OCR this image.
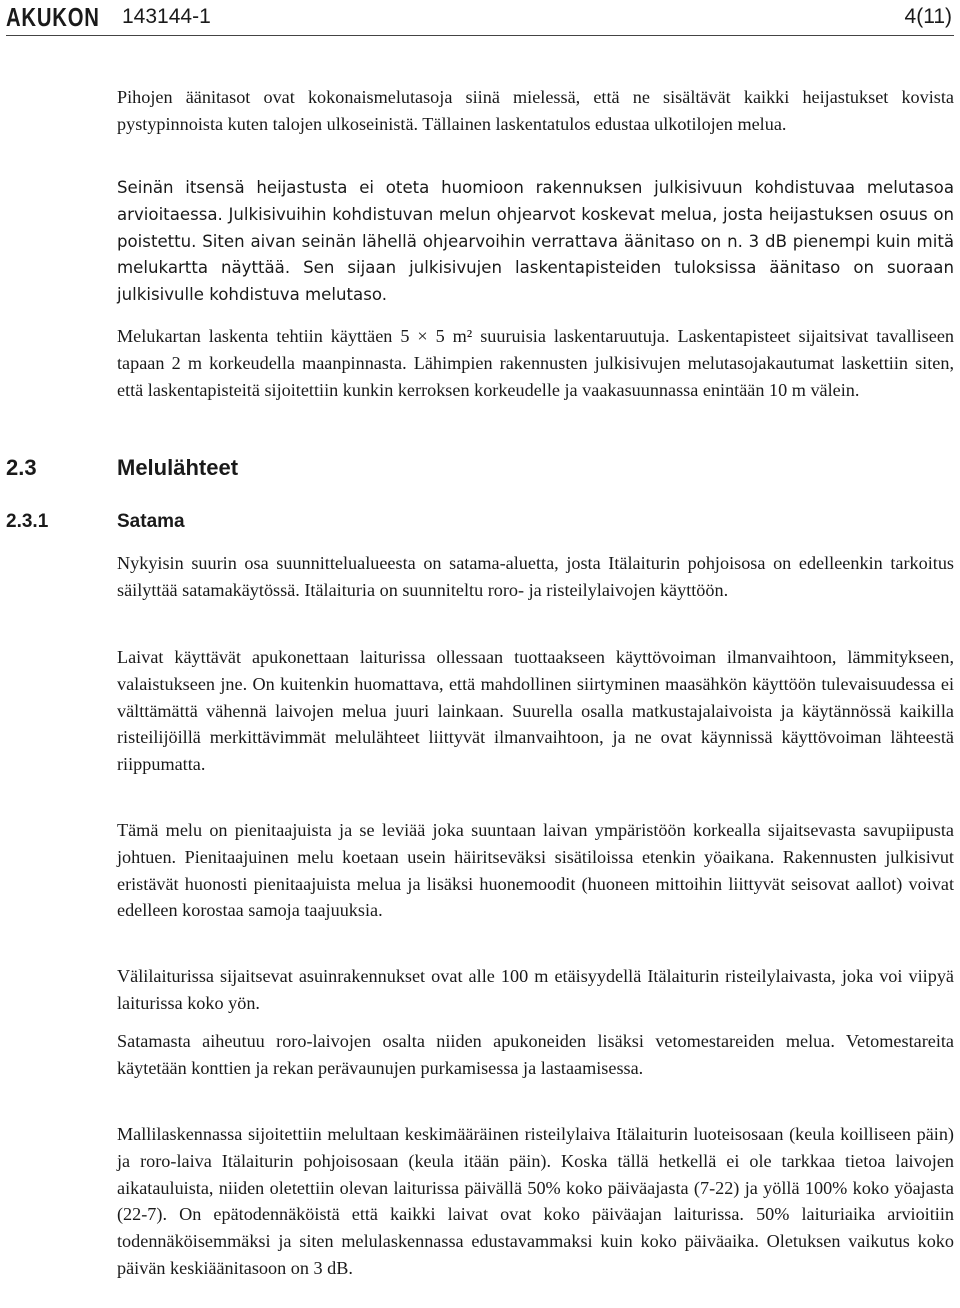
AKUKON 143144-1	4(11)

Pihojen äänitasot ovat kokonaismelutasoja siinä mielessä, että ne sisältävät kaikki heijastukset kovista pystypinnoista kuten talojen ulkoseinistä. Tällainen laskentatulos edustaa ulkotilojen melua.

Seinän itsensä heijastusta ei oteta huomioon rakennuksen julkisivuun kohdistuvaa melutasoa arvioitaessa. Julkisivuihin kohdistuvan melun ohjearvot koskevat melua, josta heijastuksen osuus on poistettu. Siten aivan seinän lähellä ohjearvoihin verrattava äänitaso on n. 3 dB pienempi kuin mitä melukartta näyttää. Sen sijaan julkisivujen laskentapisteiden tuloksissa äänitaso on suoraan julkisivulle kohdistuva melutaso.

Melukartan laskenta tehtiin käyttäen 5 × 5 m² suuruisia laskentaruutuja. Laskentapisteet sijaitsivat tavalliseen tapaan 2 m korkeudella maanpinnasta. Lähimpien rakennusten julkisivujen melutasojakautumat laskettiin siten, että laskentapisteitä sijoitettiin kunkin kerroksen korkeudelle ja vaakasuunnassa enintään 10 m välein.

2.3	Melulähteet
2.3.1	Satama

Nykyisin suurin osa suunnittelualueesta on satama-aluetta, josta Itälaiturin pohjoisosa on edelleenkin tarkoitus säilyttää satamakäytössä. Itälaituria on suunniteltu roro- ja risteilylaivojen käyttöön.

Laivat käyttävät apukonettaan laiturissa ollessaan tuottaakseen käyttövoiman ilmanvaihtoon, lämmitykseen, valaistukseen jne. On kuitenkin huomattava, että mahdollinen siirtyminen maasähkön käyttöön tulevaisuudessa ei välttämättä vähennä laivojen melua juuri lainkaan. Suurella osalla matkustajalaivoista ja käytännössä kaikilla risteilijöillä merkittävimmät melulähteet liittyvät ilmanvaihtoon, ja ne ovat käynnissä käyttövoiman lähteestä riippumatta.

Tämä melu on pienitaajuista ja se leviää joka suuntaan laivan ympäristöön korkealla sijaitsevasta savupiipusta johtuen. Pienitaajuinen melu koetaan usein häiritseväksi sisätiloissa etenkin yöaikana. Rakennusten julkisivut eristävät huonosti pienitaajuista melua ja lisäksi huonemoodit (huoneen mittoihin liittyvät seisovat aallot) voivat edelleen korostaa samoja taajuuksia.

Välilaiturissa sijaitsevat asuinrakennukset ovat alle 100 m etäisyydellä Itälaiturin risteilylaivasta, joka voi viipyä laiturissa koko yön.

Satamasta aiheutuu roro-laivojen osalta niiden apukoneiden lisäksi vetomestareiden melua. Vetomestareita käytetään konttien ja rekan perävaunujen purkamisessa ja lastaamisessa.

Mallilaskennassa sijoitettiin melultaan keskimääräinen risteilylaiva Itälaiturin luoteisosaan (keula koilliseen päin) ja roro-laiva Itälaiturin pohjoisosaan (keula itään päin). Koska tällä hetkellä ei ole tarkkaa tietoa laivojen aikatauluista, niiden oletettiin olevan laiturissa päivällä 50% koko päiväajasta (7-22) ja yöllä 100% koko yöajasta (22-7). On epätodennäköistä että kaikki laivat ovat koko päiväajan laiturissa. 50% laituriaika arvioitiin todennäköisemmäksi ja siten melulaskennassa edustavammaksi kuin koko päiväaika. Oletuksen vaikutus koko päivän keskiäänitasoon on 3 dB.
